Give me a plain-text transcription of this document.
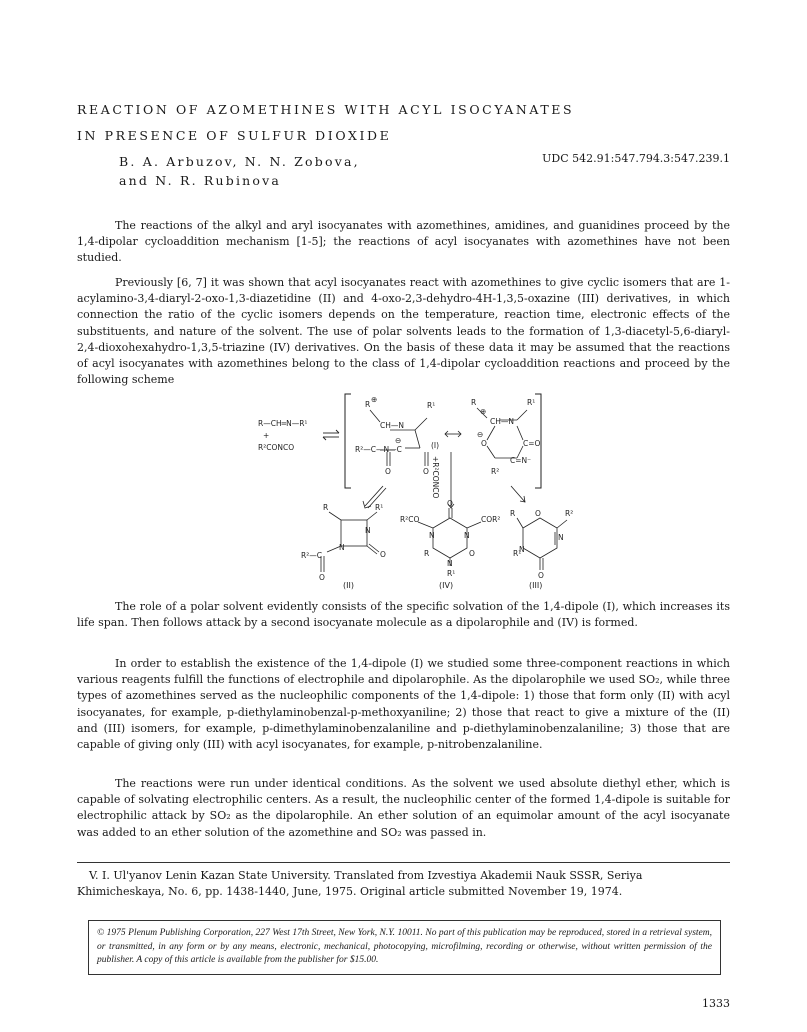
REACTION OF AZOMETHINES WITH ACYL ISOCYANATES
IN PRESENCE OF SULFUR DIOXIDE
B. A. Arbuzov, N. N. Zobova,
and N. R. Rubinova
UDC 542.91:547.794.3:547.239.1

The reactions of the alkyl and aryl isocyanates with azomethines, amidines, and guanidines proceed by the 1,4-dipolar cycloaddition mechanism [1-5]; the reactions of acyl isocyanates with azomethines have not been studied.

Previously [6, 7] it was shown that acyl isocyanates react with azomethines to give cyclic isomers that are 1-acylamino-3,4-diaryl-2-oxo-1,3-diazetidine (II) and 4-oxo-2,3-dehydro-4H-1,3,5-oxazine (III) derivatives, in which connection the ratio of the cyclic isomers depends on the temperature, reaction time, electronic effects of the substituents, and nature of the solvent. The use of polar solvents leads to the formation of 1,3-diacetyl-5,6-diaryl-2,4-dioxohexahydro-1,3,5-triazine (IV) derivatives. On the basis of these data it may be assumed that the reactions of acyl isocyanates with azomethines belong to the class of 1,4-dipolar cycloaddition reactions and proceed by the following scheme

R—CH═N—R¹
+
R²CONCO
R
⊕
R¹
CH—N
⊖
R²—C—N—C
O	O
(I)
R
⊕
R¹
CH—N
⊖
O	C=O
C=N⁻
R²
+R²CONCO
R	R¹
N
N
O
R²—C
O
(II)
O
R²CO	COR²
N	N
R	O
N
R¹
(IV)
R	O	R²
R¹
N
N
O
(III)

The role of a polar solvent evidently consists of the specific solvation of the 1,4-dipole (I), which increases its life span. Then follows attack by a second isocyanate molecule as a dipolarophile and (IV) is formed.

In order to establish the existence of the 1,4-dipole (I) we studied some three-component reactions in which various reagents fulfill the functions of electrophile and dipolarophile. As the dipolarophile we used SO₂, while three types of azomethines served as the nucleophilic components of the 1,4-dipole: 1) those that form only (II) with acyl isocyanates, for example, p-diethylaminobenzal-p-methoxyaniline; 2) those that react to give a mixture of the (II) and (III) isomers, for example, p-dimethylaminobenzalaniline and p-diethylaminobenzalaniline; 3) those that are capable of giving only (III) with acyl isocyanates, for example, p-nitrobenzalaniline.

The reactions were run under identical conditions. As the solvent we used absolute diethyl ether, which is capable of solvating electrophilic centers. As a result, the nucleophilic center of the formed 1,4-dipole is suitable for electrophilic attack by SO₂ as the dipolarophile. An ether solution of an equimolar amount of the acyl isocyanate was added to an ether solution of the azomethine and SO₂ was passed in.

V. I. Ul'yanov Lenin Kazan State University. Translated from Izvestiya Akademii Nauk SSSR, Seriya Khimicheskaya, No. 6, pp. 1438-1440, June, 1975. Original article submitted November 19, 1974.

© 1975 Plenum Publishing Corporation, 227 West 17th Street, New York, N.Y. 10011. No part of this publication may be reproduced, stored in a retrieval system, or transmitted, in any form or by any means, electronic, mechanical, photocopying, microfilming, recording or otherwise, without written permission of the publisher. A copy of this article is available from the publisher for $15.00.

1333
